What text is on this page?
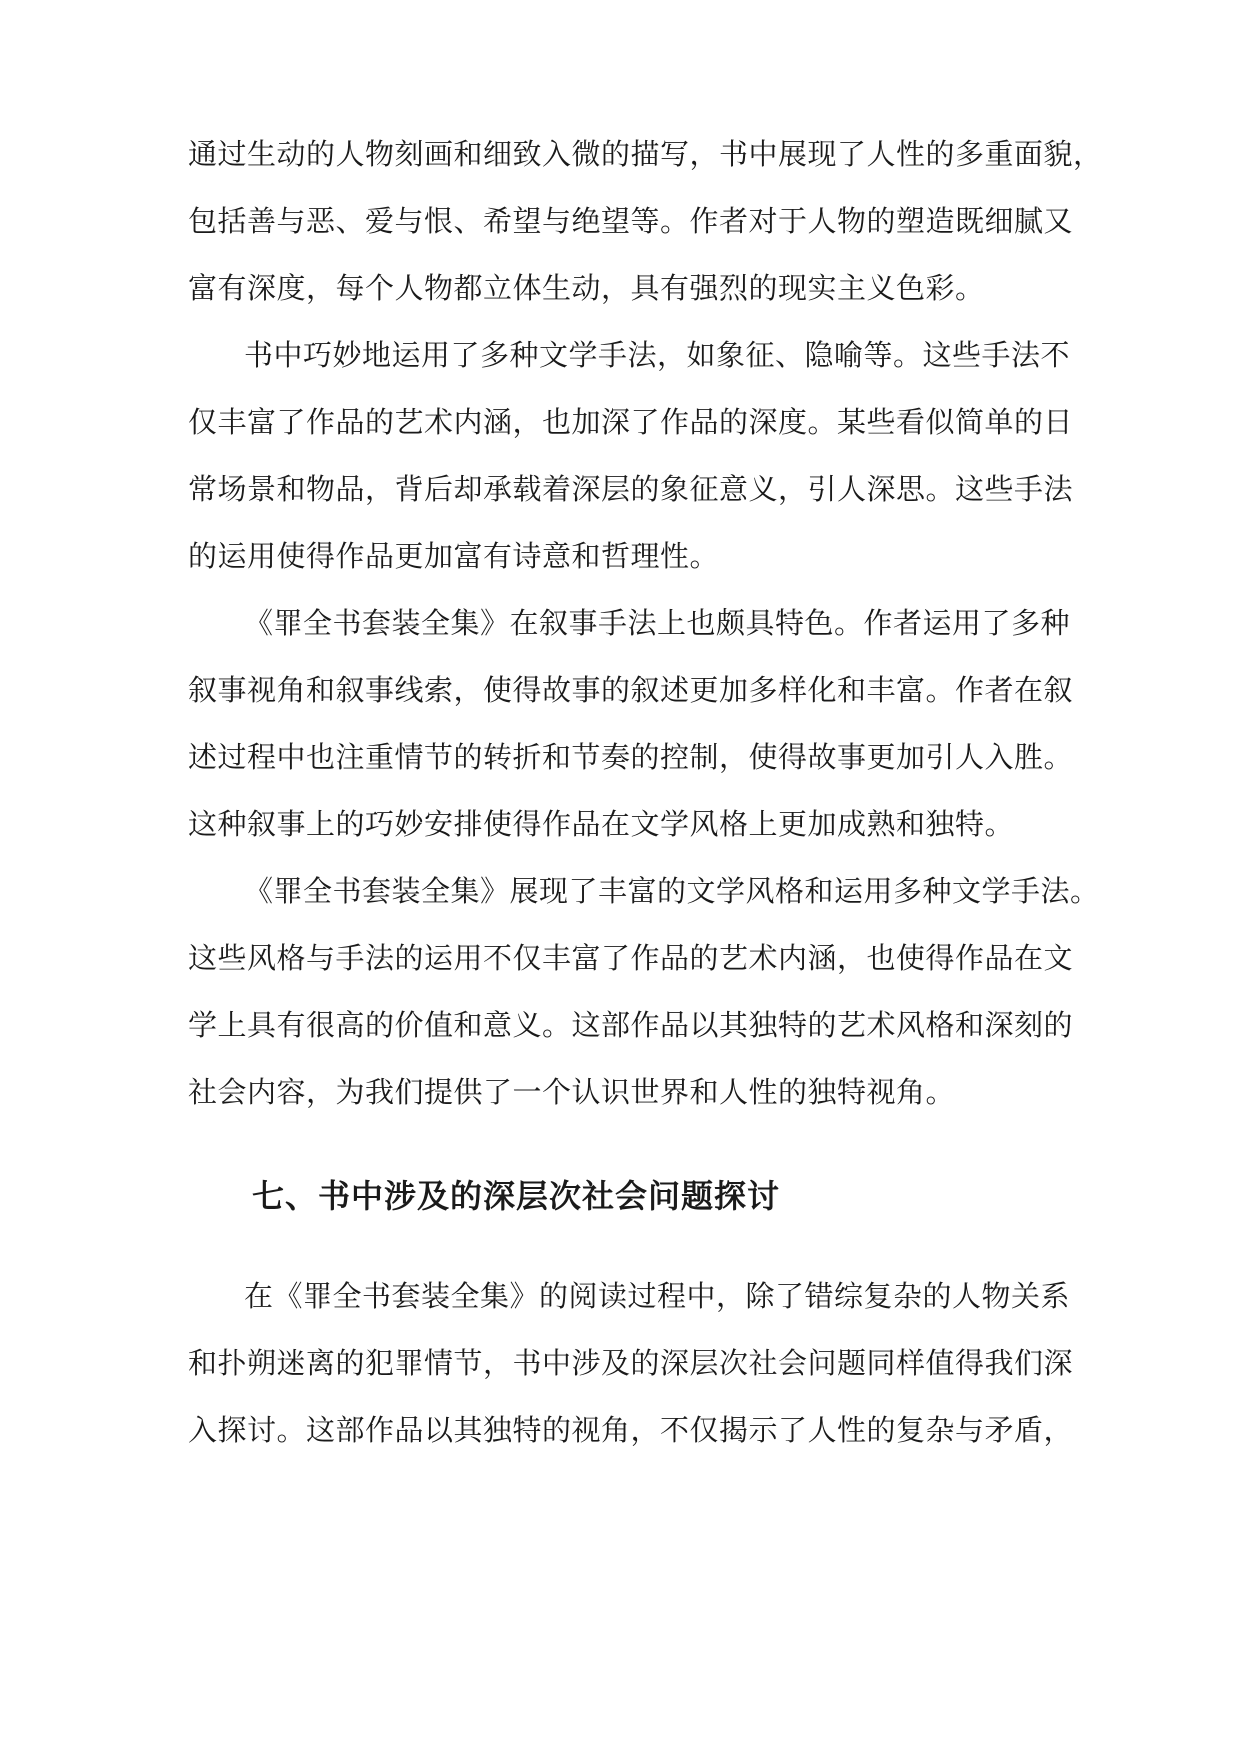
通过生动的人物刻画和细致入微的描写，书中展现了人性的多重面貌，
包括善与恶、爱与恨、希望与绝望等。作者对于人物的塑造既细腻又
富有深度，每个人物都立体生动，具有强烈的现实主义色彩。
书中巧妙地运用了多种文学手法，如象征、隐喻等。这些手法不
仅丰富了作品的艺术内涵，也加深了作品的深度。某些看似简单的日
常场景和物品，背后却承载着深层的象征意义，引人深思。这些手法
的运用使得作品更加富有诗意和哲理性。
《罪全书套装全集》在叙事手法上也颇具特色。作者运用了多种
叙事视角和叙事线索，使得故事的叙述更加多样化和丰富。作者在叙
述过程中也注重情节的转折和节奏的控制，使得故事更加引人入胜。
这种叙事上的巧妙安排使得作品在文学风格上更加成熟和独特。
《罪全书套装全集》展现了丰富的文学风格和运用多种文学手法。
这些风格与手法的运用不仅丰富了作品的艺术内涵，也使得作品在文
学上具有很高的价值和意义。这部作品以其独特的艺术风格和深刻的
社会内容，为我们提供了一个认识世界和人性的独特视角。
七、书中涉及的深层次社会问题探讨
在《罪全书套装全集》的阅读过程中，除了错综复杂的人物关系
和扑朔迷离的犯罪情节，书中涉及的深层次社会问题同样值得我们深
入探讨。这部作品以其独特的视角，不仅揭示了人性的复杂与矛盾，
